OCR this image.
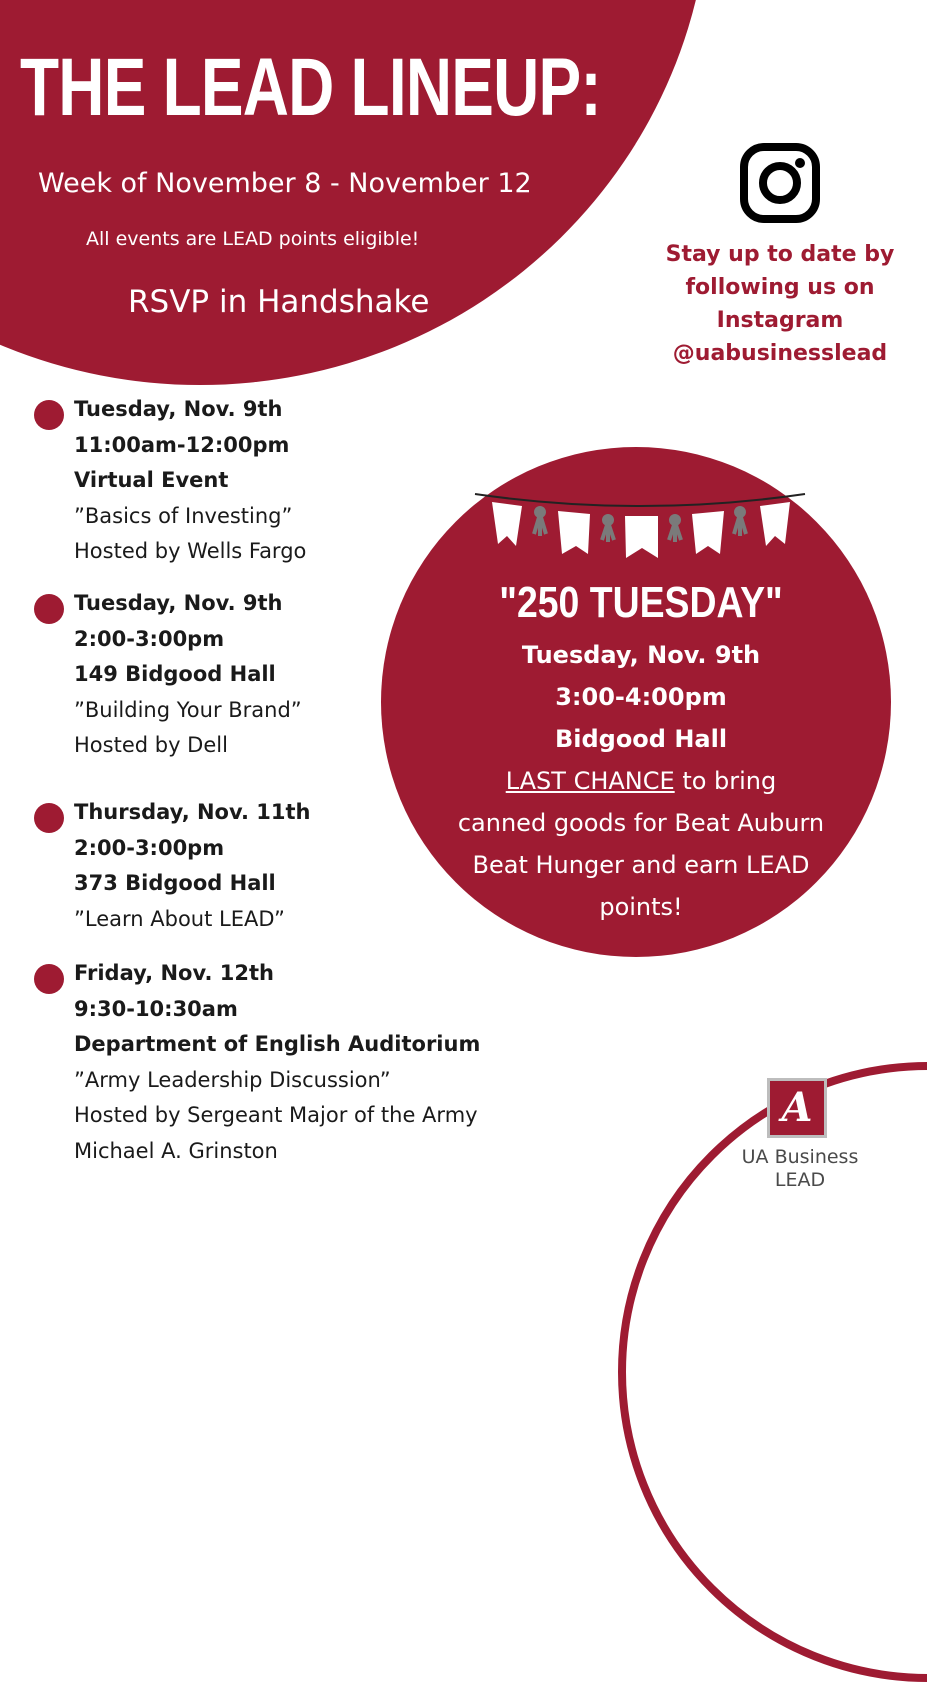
THE LEAD LINEUP:
Week of November 8 - November 12
All events are LEAD points eligible!
RSVP in Handshake
Stay up to date by
following us on
Instagram
@uabusinesslead
Tuesday, Nov. 9th
11:00am-12:00pm
Virtual Event
”Basics of Investing”
Hosted by Wells Fargo
Tuesday, Nov. 9th
2:00-3:00pm
149 Bidgood Hall
”Building Your Brand”
Hosted by Dell
Thursday, Nov. 11th
2:00-3:00pm
373 Bidgood Hall
”Learn About LEAD”
Friday, Nov. 12th
9:30-10:30am
Department of English Auditorium
”Army Leadership Discussion”
Hosted by Sergeant Major of the Army
Michael A. Grinston
"250 TUESDAY"
Tuesday, Nov. 9th
3:00-4:00pm
Bidgood Hall
LAST CHANCE to bring
canned goods for Beat Auburn
Beat Hunger and earn LEAD
points!
A
UA Business
LEAD
